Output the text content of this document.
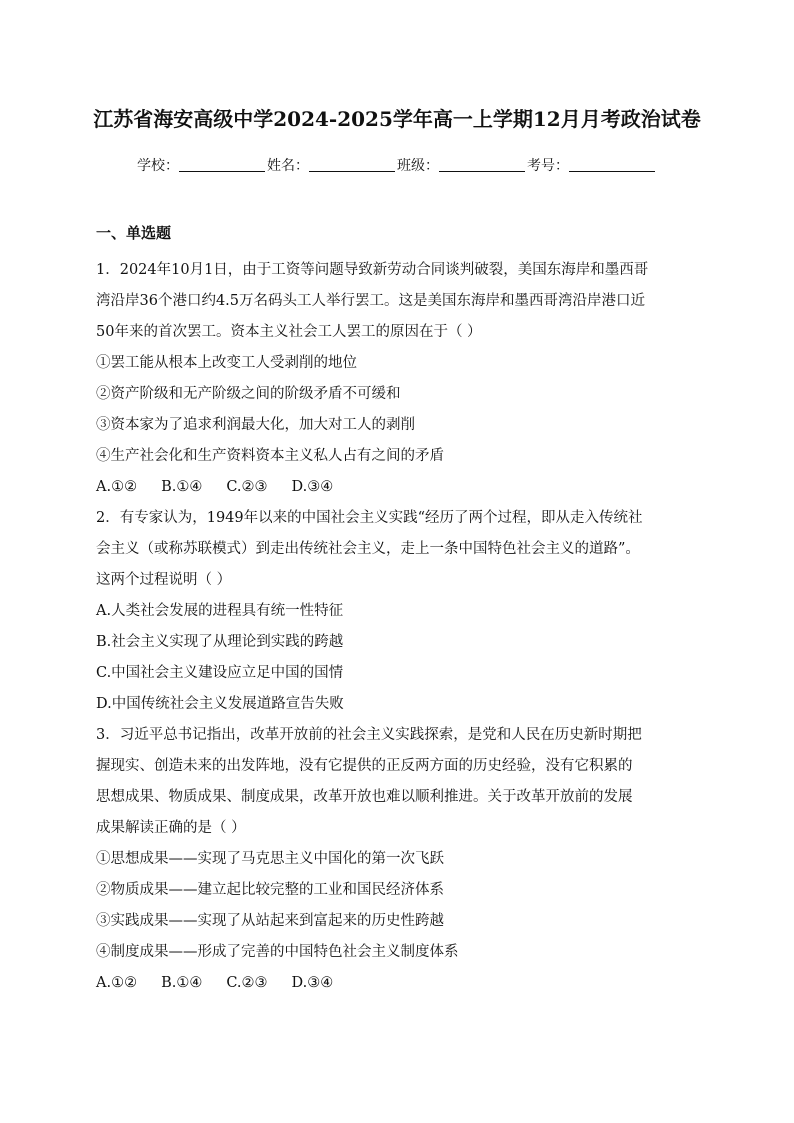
江苏省海安高级中学2024-2025学年高一上学期12月月考政治试卷
学校：	姓名：	班级：	考号：
一、单选题
1．2024年10月1日，由于工资等问题导致新劳动合同谈判破裂，美国东海岸和墨西哥
湾沿岸36个港口约4.5万名码头工人举行罢工。这是美国东海岸和墨西哥湾沿岸港口近
50年来的首次罢工。资本主义社会工人罢工的原因在于（ ）
①罢工能从根本上改变工人受剥削的地位
②资产阶级和无产阶级之间的阶级矛盾不可缓和
③资本家为了追求利润最大化，加大对工人的剥削
④生产社会化和生产资料资本主义私人占有之间的矛盾
A.①② B.①④ C.②③ D.③④
2．有专家认为，1949年以来的中国社会主义实践“经历了两个过程，即从走入传统社
会主义（或称苏联模式）到走出传统社会主义，走上一条中国特色社会主义的道路”。
这两个过程说明（ ）
A.人类社会发展的进程具有统一性特征
B.社会主义实现了从理论到实践的跨越
C.中国社会主义建设应立足中国的国情
D.中国传统社会主义发展道路宣告失败
3．习近平总书记指出，改革开放前的社会主义实践探索，是党和人民在历史新时期把
握现实、创造未来的出发阵地，没有它提供的正反两方面的历史经验，没有它积累的
思想成果、物质成果、制度成果，改革开放也难以顺利推进。关于改革开放前的发展
成果解读正确的是（ ）
①思想成果——实现了马克思主义中国化的第一次飞跃
②物质成果——建立起比较完整的工业和国民经济体系
③实践成果——实现了从站起来到富起来的历史性跨越
④制度成果——形成了完善的中国特色社会主义制度体系
A.①② B.①④ C.②③ D.③④
